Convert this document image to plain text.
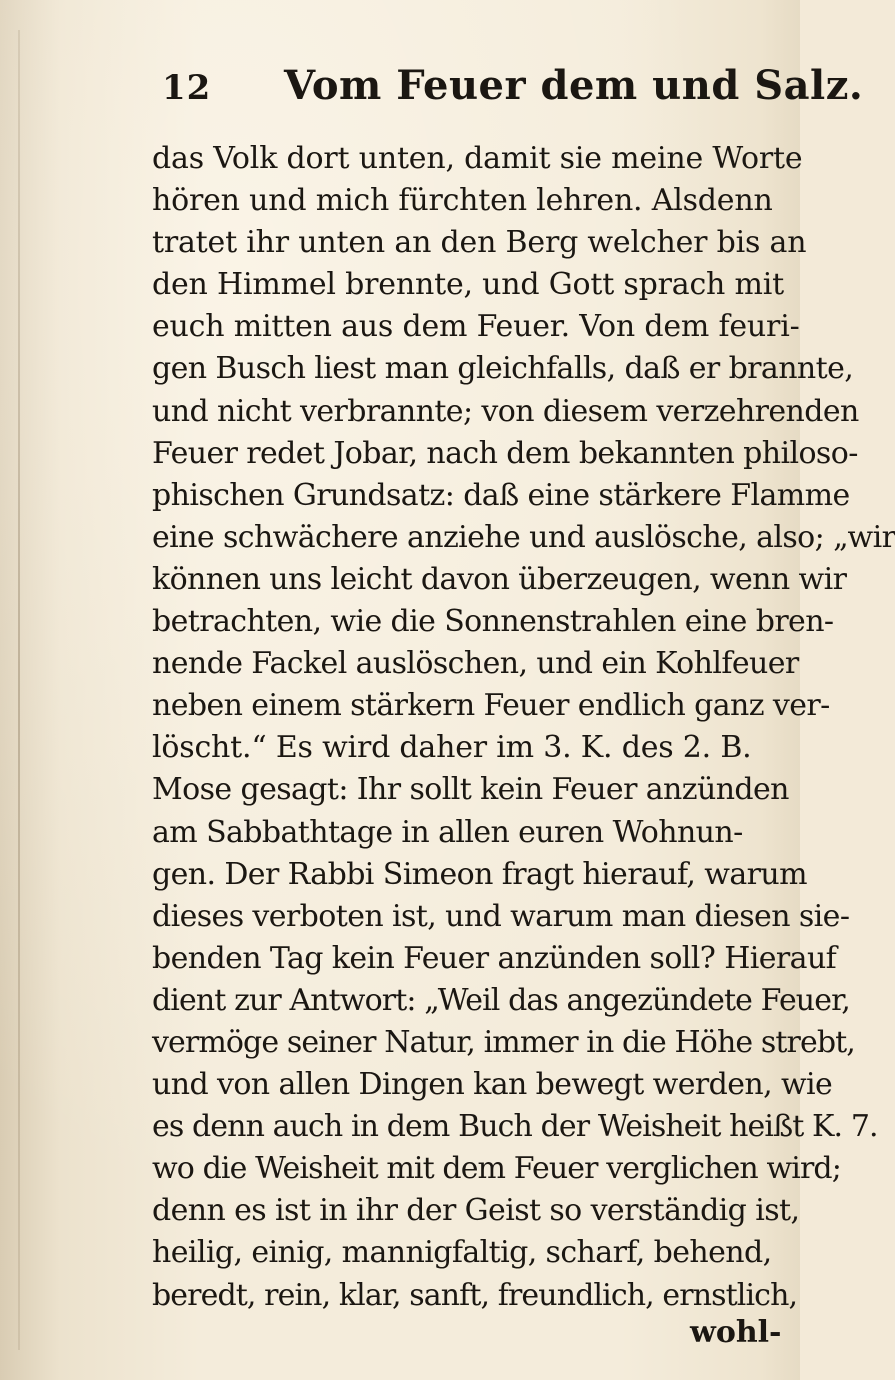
12 Vom Feuer dem und Salz.
das Volk dort unten, damit sie meine Worte
hören und mich fürchten lehren. Alsdenn
tratet ihr unten an den Berg welcher bis an
den Himmel brennte, und Gott sprach mit
euch mitten aus dem Feuer. Von dem feuri-
gen Busch liest man gleichfalls, daß er brannte,
und nicht verbrannte; von diesem verzehrenden
Feuer redet Jobar, nach dem bekannten philoso-
phischen Grundsatz: daß eine stärkere Flamme
eine schwächere anziehe und auslösche, also; „wir
können uns leicht davon überzeugen, wenn wir
betrachten, wie die Sonnenstrahlen eine bren-
nende Fackel auslöschen, und ein Kohlfeuer
neben einem stärkern Feuer endlich ganz ver-
löscht.“ Es wird daher im 3. K. des 2. B.
Mose gesagt: Ihr sollt kein Feuer anzünden
am Sabbathtage in allen euren Wohnun-
gen. Der Rabbi Simeon fragt hierauf, warum
dieses verboten ist, und warum man diesen sie-
benden Tag kein Feuer anzünden soll? Hierauf
dient zur Antwort: „Weil das angezündete Feuer,
vermöge seiner Natur, immer in die Höhe strebt,
und von allen Dingen kan bewegt werden, wie
es denn auch in dem Buch der Weisheit heißt K. 7.
wo die Weisheit mit dem Feuer verglichen wird;
denn es ist in ihr der Geist so verständig ist,
heilig, einig, mannigfaltig, scharf, behend,
beredt, rein, klar, sanft, freundlich, ernstlich,
wohl-
